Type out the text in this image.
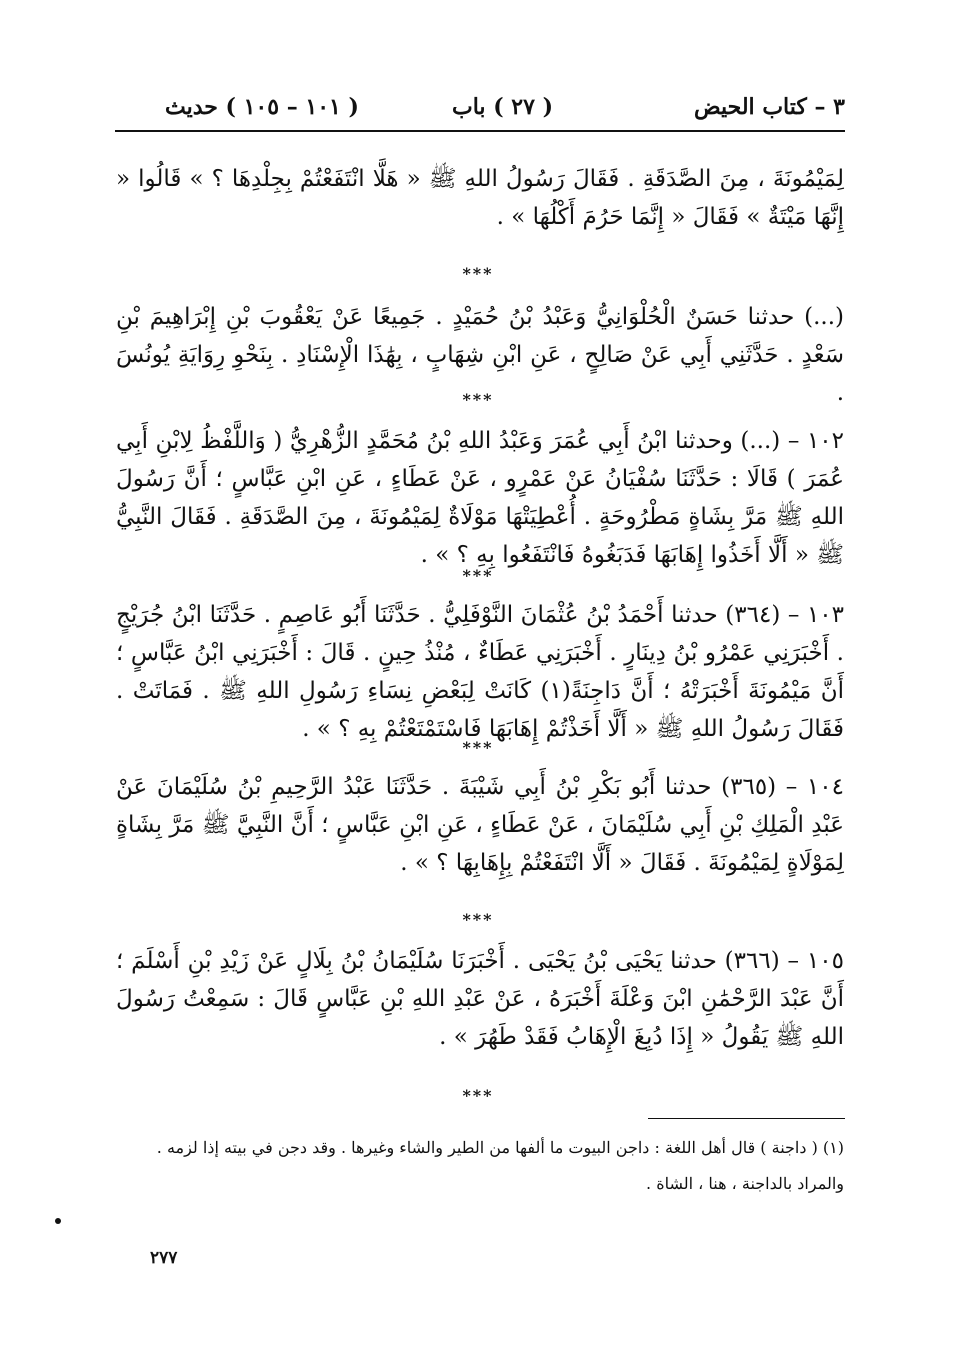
٣ – كتاب الحيض
( ٢٧ ) باب
( ١٠١ – ١٠٥ ) حديث
لِمَيْمُونَةَ ، مِنَ الصَّدَقَةِ . فَقَالَ رَسُولُ اللهِ ﷺ « هَلَّا انْتَفَعْتُمْ بِجِلْدِهَا ؟ » قَالُوا « إِنَّهَا مَيْتَةٌ » فَقَالَ « إِنَّمَا حَرُمَ أَكْلُهَا » .
***
(...) حدثنا حَسَنٌ الْحُلْوَانِيُّ وَعَبْدُ بْنُ حُمَيْدٍ . جَمِيعًا عَنْ يَعْقُوبَ بْنِ إِبْرَاهِيمَ بْنِ سَعْدٍ . حَدَّثَنِي أَبِي عَنْ صَالِحٍ ، عَنِ ابْنِ شِهَابٍ ، بِهَٰذَا الْإِسْنَادِ . بِنَحْوِ رِوَايَةِ يُونُسَ .
***
١٠٢ – (...) وحدثنا ابْنُ أَبِي عُمَرَ وَعَبْدُ اللهِ بْنُ مُحَمَّدٍ الزُّهْرِيُّ ( وَاللَّفْظُ لِابْنِ أَبِي عُمَرَ ) قَالَا : حَدَّثَنَا سُفْيَانُ عَنْ عَمْرٍو ، عَنْ عَطَاءٍ ، عَنِ ابْنِ عَبَّاسٍ ؛ أَنَّ رَسُولَ اللهِ ﷺ مَرَّ بِشَاةٍ مَطْرُوحَةٍ . أُعْطِيَتْهَا مَوْلَاةٌ لِمَيْمُونَةَ ، مِنَ الصَّدَقَةِ . فَقَالَ النَّبِيُّ ﷺ « أَلَّا أَخَذُوا إِهَابَهَا فَدَبَغُوهُ فَانْتَفَعُوا بِهِ ؟ » .
***
١٠٣ – (٣٦٤) حدثنا أَحْمَدُ بْنُ عُثْمَانَ النَّوْفَلِيُّ . حَدَّثَنَا أَبُو عَاصِمٍ . حَدَّثَنَا ابْنُ جُرَيْجٍ . أَخْبَرَنِي عَمْرُو بْنُ دِينَارٍ . أَخْبَرَنِي عَطَاءٌ ، مُنْذُ حِينٍ . قَالَ : أَخْبَرَنِي ابْنُ عَبَّاسٍ ؛ أَنَّ مَيْمُونَةَ أَخْبَرَتْهُ ؛ أَنَّ دَاجِنَةً(١) كَانَتْ لِبَعْضِ نِسَاءِ رَسُولِ اللهِ ﷺ . فَمَاتَتْ . فَقَالَ رَسُولُ اللهِ ﷺ « أَلَّا أَخَذْتُمْ إِهَابَهَا فَاسْتَمْتَعْتُمْ بِهِ ؟ » .
***
١٠٤ – (٣٦٥) حدثنا أَبُو بَكْرِ بْنُ أَبِي شَيْبَةَ . حَدَّثَنَا عَبْدُ الرَّحِيمِ بْنُ سُلَيْمَانَ عَنْ عَبْدِ الْمَلِكِ بْنِ أَبِي سُلَيْمَانَ ، عَنْ عَطَاءٍ ، عَنِ ابْنِ عَبَّاسٍ ؛ أَنَّ النَّبِيَّ ﷺ مَرَّ بِشَاةٍ لِمَوْلَاةٍ لِمَيْمُونَةَ . فَقَالَ « أَلَّا انْتَفَعْتُمْ بِإِهَابِهَا ؟ » .
***
١٠٥ – (٣٦٦) حدثنا يَحْيَى بْنُ يَحْيَى . أَخْبَرَنَا سُلَيْمَانُ بْنُ بِلَالٍ عَنْ زَيْدِ بْنِ أَسْلَمَ ؛ أَنَّ عَبْدَ الرَّحْمَٰنِ ابْنَ وَعْلَةَ أَخْبَرَهُ ، عَنْ عَبْدِ اللهِ بْنِ عَبَّاسٍ قَالَ : سَمِعْتُ رَسُولَ اللهِ ﷺ يَقُولُ « إِذَا دُبِغَ الْإِهَابُ فَقَدْ طَهُرَ » .
***
(١) ( داجنة ) قال أهل اللغة : داجن البيوت ما ألفها من الطير والشاء وغيرها . وقد دجن في بيته إذا لزمه . والمراد بالداجنة ، هنا ، الشاة .
٢٧٧
